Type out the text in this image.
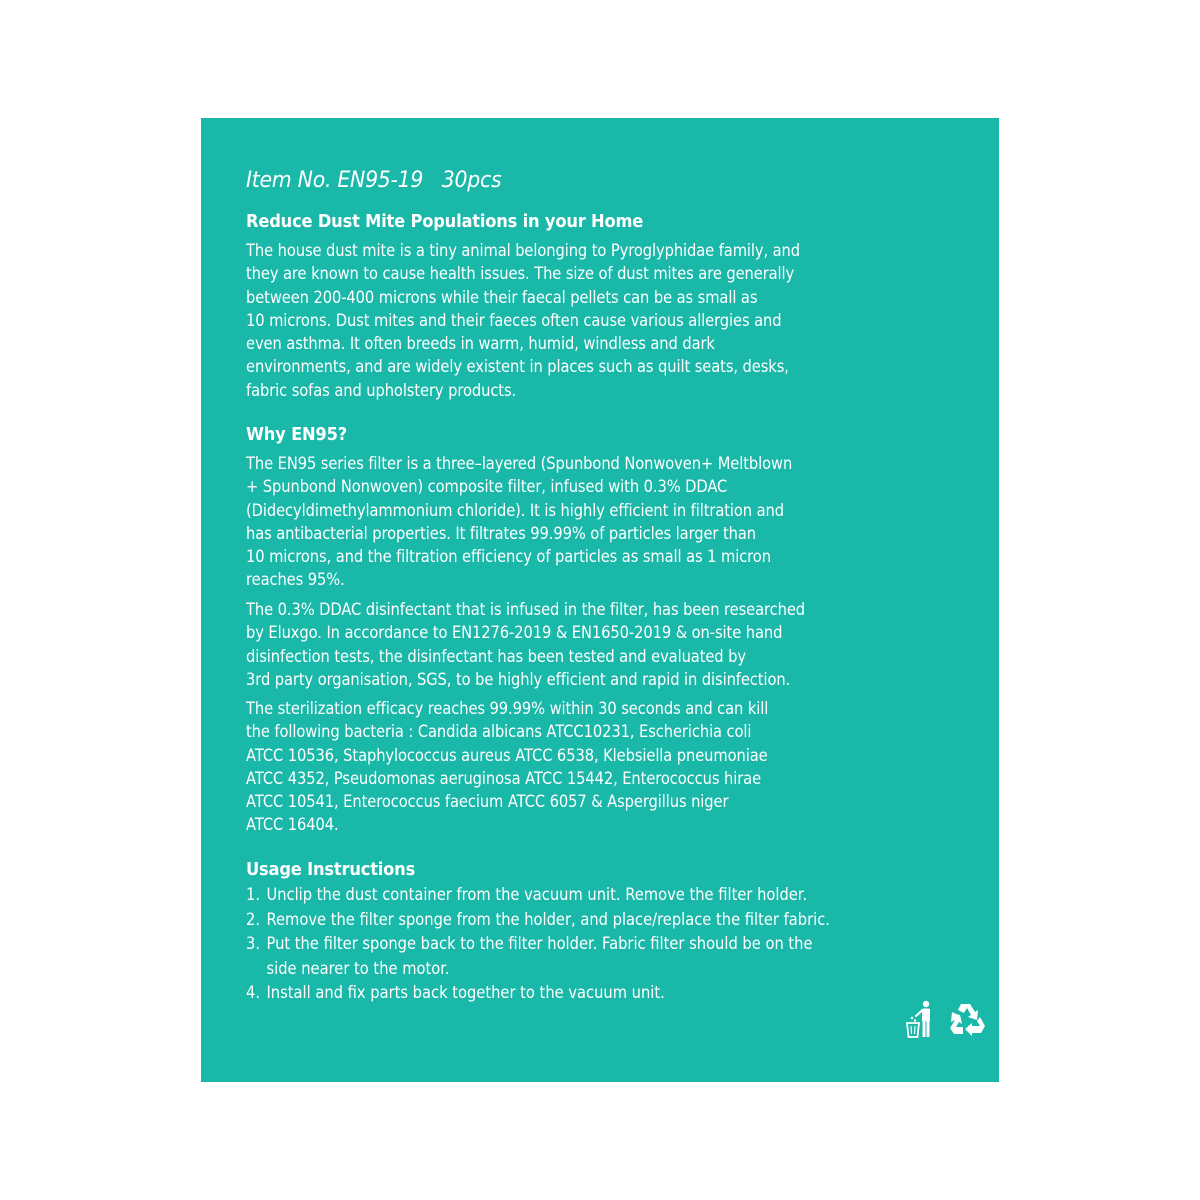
Item No. EN95-19   30pcs
Reduce Dust Mite Populations in your Home
The house dust mite is a tiny animal belonging to Pyroglyphidae family, and
they are known to cause health issues. The size of dust mites are generally
between 200-400 microns while their faecal pellets can be as small as
10 microns. Dust mites and their faeces often cause various allergies and
even asthma. It often breeds in warm, humid, windless and dark
environments, and are widely existent in places such as quilt seats, desks,
fabric sofas and upholstery products.
Why EN95?
The EN95 series filter is a three–layered (Spunbond Nonwoven+ Meltblown
+ Spunbond Nonwoven) composite filter, infused with 0.3% DDAC
(Didecyldimethylammonium chloride). It is highly efficient in filtration and
has antibacterial properties. It filtrates 99.99% of particles larger than
10 microns, and the filtration efficiency of particles as small as 1 micron
reaches 95%.
The 0.3% DDAC disinfectant that is infused in the filter, has been researched
by Eluxgo. In accordance to EN1276-2019 & EN1650-2019 & on-site hand
disinfection tests, the disinfectant has been tested and evaluated by
3rd party organisation, SGS, to be highly efficient and rapid in disinfection.
The sterilization efficacy reaches 99.99% within 30 seconds and can kill
the following bacteria : Candida albicans ATCC10231, Escherichia coli
ATCC 10536, Staphylococcus aureus ATCC 6538, Klebsiella pneumoniae
ATCC 4352, Pseudomonas aeruginosa ATCC 15442, Enterococcus hirae
ATCC 10541, Enterococcus faecium ATCC 6057 & Aspergillus niger
ATCC 16404.
Usage Instructions
1. Unclip the dust container from the vacuum unit. Remove the filter holder.
2. Remove the filter sponge from the holder, and place/replace the filter fabric.
3. Put the filter sponge back to the filter holder. Fabric filter should be on the
side nearer to the motor.
4. Install and fix parts back together to the vacuum unit.
